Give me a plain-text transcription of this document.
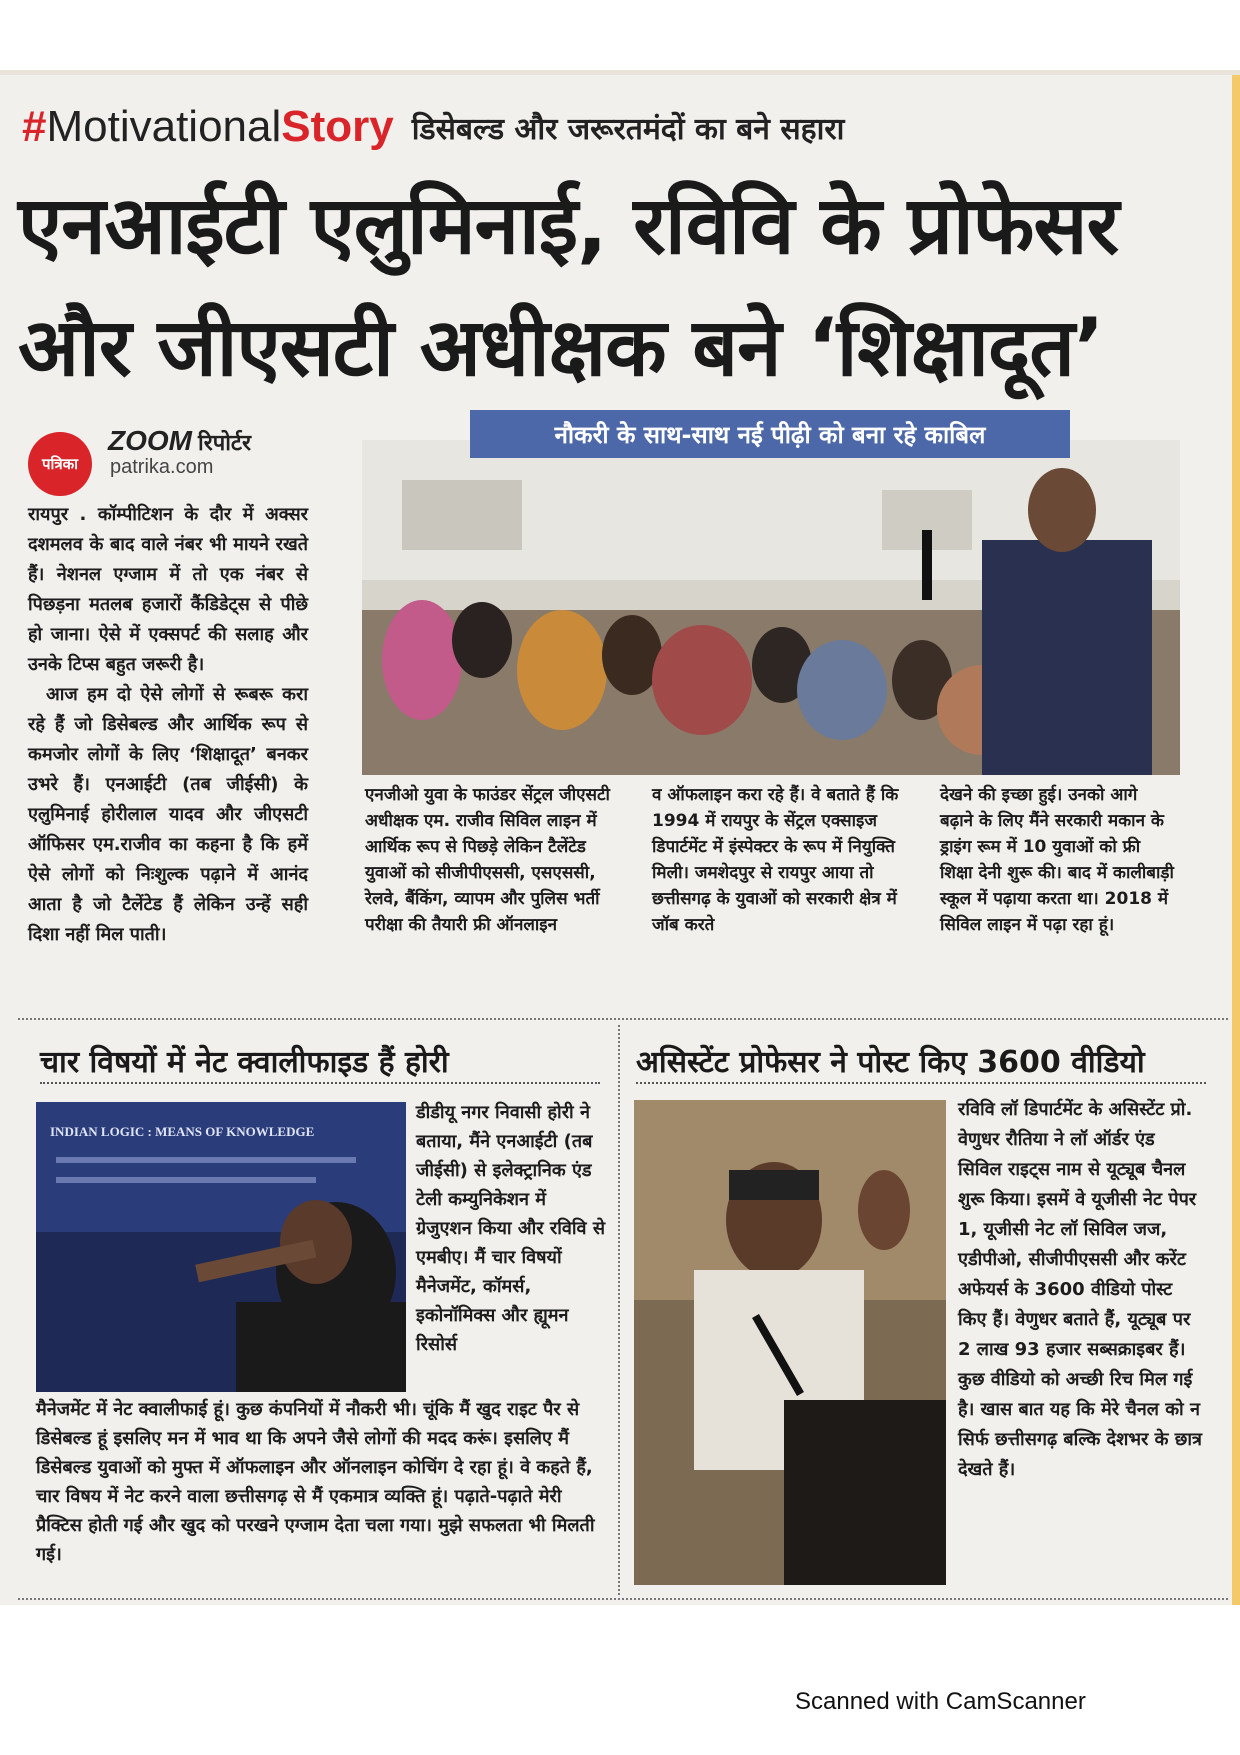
# Motivational Story डिसेबल्ड और जरूरतमंदों का बने सहारा
एनआईटी एलुमिनाई, रविवि के प्रोफेसर
और जीएसटी अधीक्षक बने ‘शिक्षादूत’
पत्रिका
ZOOM रिपोर्टर
patrika.com

रायपुर . कॉम्पीटिशन के दौर में अक्सर दशमलव के बाद वाले नंबर भी मायने रखते हैं। नेशनल एग्जाम में तो एक नंबर से पिछड़ना मतलब हजारों कैंडिडेट्स से पीछे हो जाना। ऐसे में एक्सपर्ट की सलाह और उनके टिप्स बहुत जरूरी है।

आज हम दो ऐसे लोगों से रूबरू करा रहे हैं जो डिसेबल्ड और आर्थिक रूप से कमजोर लोगों के लिए ‘शिक्षादूत’ बनकर उभरे हैं। एनआईटी (तब जीईसी) के एलुमिनाई होरीलाल यादव और जीएसटी ऑफिसर एम.राजीव का कहना है कि हमें ऐसे लोगों को निःशुल्क पढ़ाने में आनंद आता है जो टैलेंटेड हैं लेकिन उन्हें सही दिशा नहीं मिल पाती।

नौकरी के साथ-साथ नई पीढ़ी को बना रहे काबिल
एनजीओ युवा के फाउंडर सेंट्रल जीएसटी अधीक्षक एम. राजीव सिविल लाइन में आर्थिक रूप से पिछड़े लेकिन टैलेंटेड युवाओं को सीजीपीएससी, एसएससी, रेलवे, बैंकिंग, व्यापम और पुलिस भर्ती परीक्षा की तैयारी फ्री ऑनलाइन
व ऑफलाइन करा रहे हैं। वे बताते हैं कि 1994 में रायपुर के सेंट्रल एक्साइज डिपार्टमेंट में इंस्पेक्टर के रूप में नियुक्ति मिली। जमशेदपुर से रायपुर आया तो छत्तीसगढ़ के युवाओं को सरकारी क्षेत्र में जॉब करते
देखने की इच्छा हुई। उनको आगे बढ़ाने के लिए मैंने सरकारी मकान के ड्राइंग रूम में 10 युवाओं को फ्री शिक्षा देनी शुरू की। बाद में कालीबाड़ी स्कूल में पढ़ाया करता था। 2018 में सिविल लाइन में पढ़ा रहा हूं।
चार विषयों में नेट क्वालीफाइड हैं होरी
INDIAN LOGIC : MEANS OF KNOWLEDGE
डीडीयू नगर निवासी होरी ने बताया, मैंने एनआईटी (तब जीईसी) से इलेक्ट्रानिक एंड टेली कम्युनिकेशन में ग्रेजुएशन किया और रविवि से एमबीए। मैं चार विषयों मैनेजमेंट, कॉमर्स, इकोनॉमिक्स और ह्यूमन रिसोर्स
मैनेजमेंट में नेट क्वालीफाई हूं। कुछ कंपनियों में नौकरी भी। चूंकि मैं खुद राइट पैर से डिसेबल्ड हूं इसलिए मन में भाव था कि अपने जैसे लोगों की मदद करूं। इसलिए मैं डिसेबल्ड युवाओं को मुफ्त में ऑफलाइन और ऑनलाइन कोचिंग दे रहा हूं। वे कहते हैं, चार विषय में नेट करने वाला छत्तीसगढ़ से मैं एकमात्र व्यक्ति हूं। पढ़ाते-पढ़ाते मेरी प्रैक्टिस होती गई और खुद को परखने एग्जाम देता चला गया। मुझे सफलता भी मिलती गई।
असिस्टेंट प्रोफेसर ने पोस्ट किए 3600 वीडियो
रविवि लॉ डिपार्टमेंट के असिस्टेंट प्रो. वेणुधर रौतिया ने लॉ ऑर्डर एंड सिविल राइट्स नाम से यूट्यूब चैनल शुरू किया। इसमें वे यूजीसी नेट पेपर 1, यूजीसी नेट लॉ सिविल जज, एडीपीओ, सीजीपीएससी और करेंट अफेयर्स के 3600 वीडियो पोस्ट किए हैं। वेणुधर बताते हैं, यूट्यूब पर 2 लाख 93 हजार सब्सक्राइबर हैं। कुछ वीडियो को अच्छी रिच मिल गई है। खास बात यह कि मेरे चैनल को न सिर्फ छत्तीसगढ़ बल्कि देशभर के छात्र देखते हैं।
Scanned with CamScanner
